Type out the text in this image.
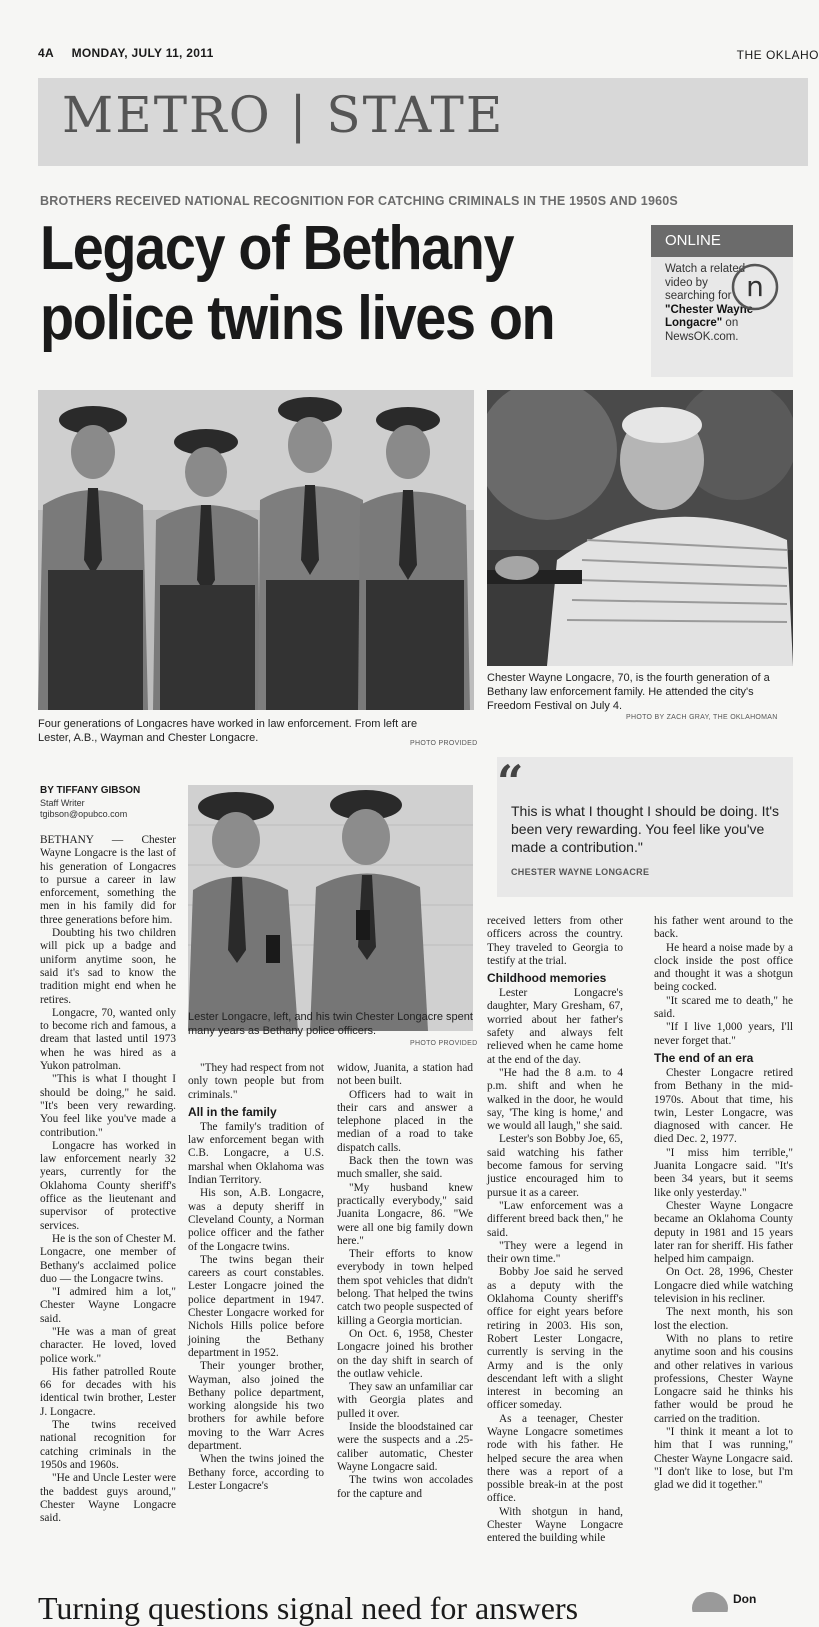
4A MONDAY, JULY 11, 2011	THE OKLAHO
METRO | STATE
BROTHERS RECEIVED NATIONAL RECOGNITION FOR CATCHING CRIMINALS IN THE 1950S AND 1960S
Legacy of Bethany police twins lives on
ONLINE
Watch a related video by searching for "Chester Wayne Longacre" on NewsOK.com.
n
Four generations of Longacres have worked in law enforcement. From left are Lester, A.B., Wayman and Chester Longacre.	PHOTO PROVIDED
Chester Wayne Longacre, 70, is the fourth generation of a Bethany law enforcement family. He attended the city's Freedom Festival on July 4.
PHOTO BY ZACH GRAY, THE OKLAHOMAN
“
This is what I thought I should be doing. It's been very rewarding. You feel like you've made a contribution."
CHESTER WAYNE LONGACRE
BY TIFFANY GIBSON
Staff Writer
tgibson@opubco.com
Lester Longacre, left, and his twin Chester Longacre spent many years as Bethany police officers.
PHOTO PROVIDED

BETHANY — Chester Wayne Longacre is the last of his generation of Longacres to pursue a career in law enforcement, something the men in his family did for three generations before him.

Doubting his two children will pick up a badge and uniform anytime soon, he said it's sad to know the tradition might end when he retires.

Longacre, 70, wanted only to become rich and famous, a dream that lasted until 1973 when he was hired as a Yukon patrolman.

"This is what I thought I should be doing," he said. "It's been very rewarding. You feel like you've made a contribution."

Longacre has worked in law enforcement nearly 32 years, currently for the Oklahoma County sheriff's office as the lieutenant and supervisor of protective services.

He is the son of Chester M. Longacre, one member of Bethany's acclaimed police duo — the Longacre twins.

"I admired him a lot," Chester Wayne Longacre said.

"He was a man of great character. He loved, loved police work."

His father patrolled Route 66 for decades with his identical twin brother, Lester J. Longacre.

The twins received national recognition for catching criminals in the 1950s and 1960s.

"He and Uncle Lester were the baddest guys around," Chester Wayne Longacre said.

"They had respect from not only town people but from criminals."

All in the family

The family's tradition of law enforcement began with C.B. Longacre, a U.S. marshal when Oklahoma was Indian Territory.

His son, A.B. Longacre, was a deputy sheriff in Cleveland County, a Norman police officer and the father of the Longacre twins.

The twins began their careers as court constables. Lester Longacre joined the police department in 1947. Chester Longacre worked for Nichols Hills police before joining the Bethany department in 1952.

Their younger brother, Wayman, also joined the Bethany police department, working alongside his two brothers for awhile before moving to the Warr Acres department.

When the twins joined the Bethany force, according to Lester Longacre's

widow, Juanita, a station had not been built.

Officers had to wait in their cars and answer a telephone placed in the median of a road to take dispatch calls.

Back then the town was much smaller, she said.

"My husband knew practically everybody," said Juanita Longacre, 86. "We were all one big family down here."

Their efforts to know everybody in town helped them spot vehicles that didn't belong. That helped the twins catch two people suspected of killing a Georgia mortician.

On Oct. 6, 1958, Chester Longacre joined his brother on the day shift in search of the outlaw vehicle.

They saw an unfamiliar car with Georgia plates and pulled it over.

Inside the bloodstained car were the suspects and a .25-caliber automatic, Chester Wayne Longacre said.

The twins won accolades for the capture and

received letters from other officers across the country. They traveled to Georgia to testify at the trial.

Childhood memories

Lester Longacre's daughter, Mary Gresham, 67, worried about her father's safety and always felt relieved when he came home at the end of the day.

"He had the 8 a.m. to 4 p.m. shift and when he walked in the door, he would say, 'The king is home,' and we would all laugh," she said.

Lester's son Bobby Joe, 65, said watching his father become famous for serving justice encouraged him to pursue it as a career.

"Law enforcement was a different breed back then," he said.

"They were a legend in their own time."

Bobby Joe said he served as a deputy with the Oklahoma County sheriff's office for eight years before retiring in 2003. His son, Robert Lester Longacre, currently is serving in the Army and is the only descendant left with a slight interest in becoming an officer someday.

As a teenager, Chester Wayne Longacre sometimes rode with his father. He helped secure the area when there was a report of a possible break-in at the post office.

With shotgun in hand, Chester Wayne Longacre entered the building while

his father went around to the back.

He heard a noise made by a clock inside the post office and thought it was a shotgun being cocked.

"It scared me to death," he said.

"If I live 1,000 years, I'll never forget that."

The end of an era

Chester Longacre retired from Bethany in the mid-1970s. About that time, his twin, Lester Longacre, was diagnosed with cancer. He died Dec. 2, 1977.

"I miss him terrible," Juanita Longacre said. "It's been 34 years, but it seems like only yesterday."

Chester Wayne Longacre became an Oklahoma County deputy in 1981 and 15 years later ran for sheriff. His father helped him campaign.

On Oct. 28, 1996, Chester Longacre died while watching television in his recliner.

The next month, his son lost the election.

With no plans to retire anytime soon and his cousins and other relatives in various professions, Chester Wayne Longacre said he thinks his father would be proud he carried on the tradition.

"I think it meant a lot to him that I was running," Chester Wayne Longacre said. "I don't like to lose, but I'm glad we did it together."

Turning questions signal need for answers	Don
